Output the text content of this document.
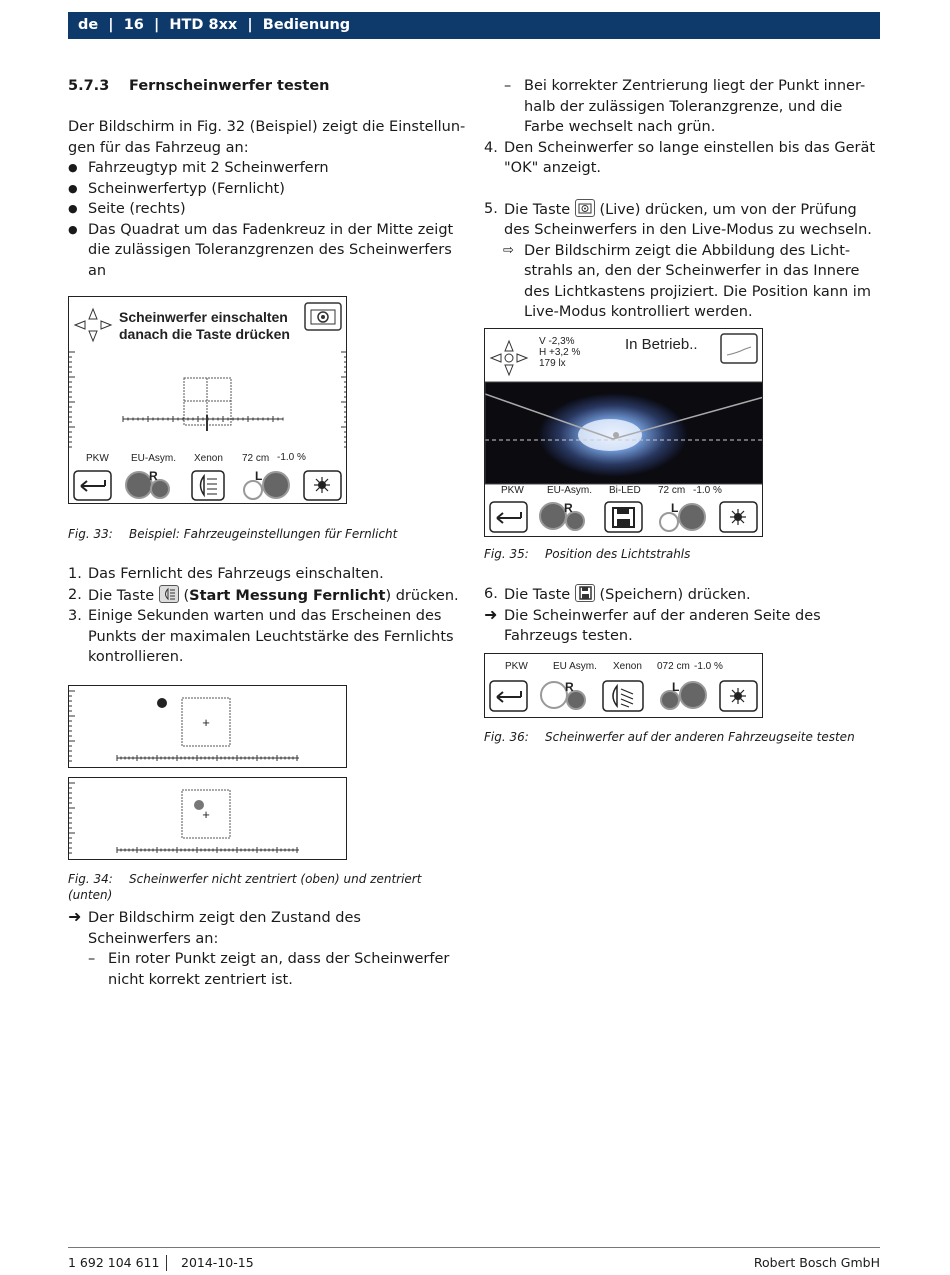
de  |  16  |  HTD 8xx  |  Bedienung

5.7.3 Fernscheinwerfer testen

Der Bildschirm in Fig. 32 (Beispiel) zeigt die Einstellun-

gen für das Fahrzeug an:

● Fahrzeugtyp mit 2 Scheinwerfern
● Scheinwerfertyp (Fernlicht)
● Seite (rechts)
● Das Quadrat um das Fadenkreuz in der Mitte zeigt die zulässigen Toleranzgrenzen des Scheinwerfers an
Scheinwerfer einschalten
danach die Taste drücken
PKW EU-Asym. Xenon 72 cm -1.0 %
R	L
Fig. 33: Beispiel: Fahrzeugeinstellungen für Fernlicht
1. Das Fernlicht des Fahrzeugs einschalten.
2. Die Taste
(Start Messung Fernlicht) drücken.
3. Einige Sekunden warten und das Erscheinen des Punkts der maximalen Leuchtstärke des Fernlichts kontrollieren.
+
+
Fig. 34: Scheinwerfer nicht zentriert (oben) und zentriert (unten)
➜ Der Bildschirm zeigt den Zustand des Scheinwerfers an:
– Ein roter Punkt zeigt an, dass der Scheinwerfer nicht korrekt zentriert ist.
– Bei korrekter Zentrierung liegt der Punkt inner-halb der zulässigen Toleranzgrenze, und die Farbe wechselt nach grün.
4. Den Scheinwerfer so lange einstellen bis das Gerät "OK" anzeigt.
5. Die Taste (Live) drücken, um von der Prüfung des Scheinwerfers in den Live-Modus zu wechseln.
⇨ Der Bildschirm zeigt die Abbildung des Licht-strahls an, den der Scheinwerfer in das Innere des Lichtkastens projiziert. Die Position kann im Live-Modus kontrolliert werden.
V -2,3%
H +3,2 %
179 lx
In Betrieb..
PKW EU-Asym. Bi-LED 72 cm -1.0 %
R	L
Fig. 35: Position des Lichtstrahls
6. Die Taste (Speichern) drücken.
➜ Die Scheinwerfer auf der anderen Seite des Fahrzeugs testen.
PKW	EU Asym. Xenon 072 cm -1.0 %
R	L
Fig. 36: Scheinwerfer auf der anderen Fahrzeugseite testen
1 692 104 611 2014-10-15	Robert Bosch GmbH
